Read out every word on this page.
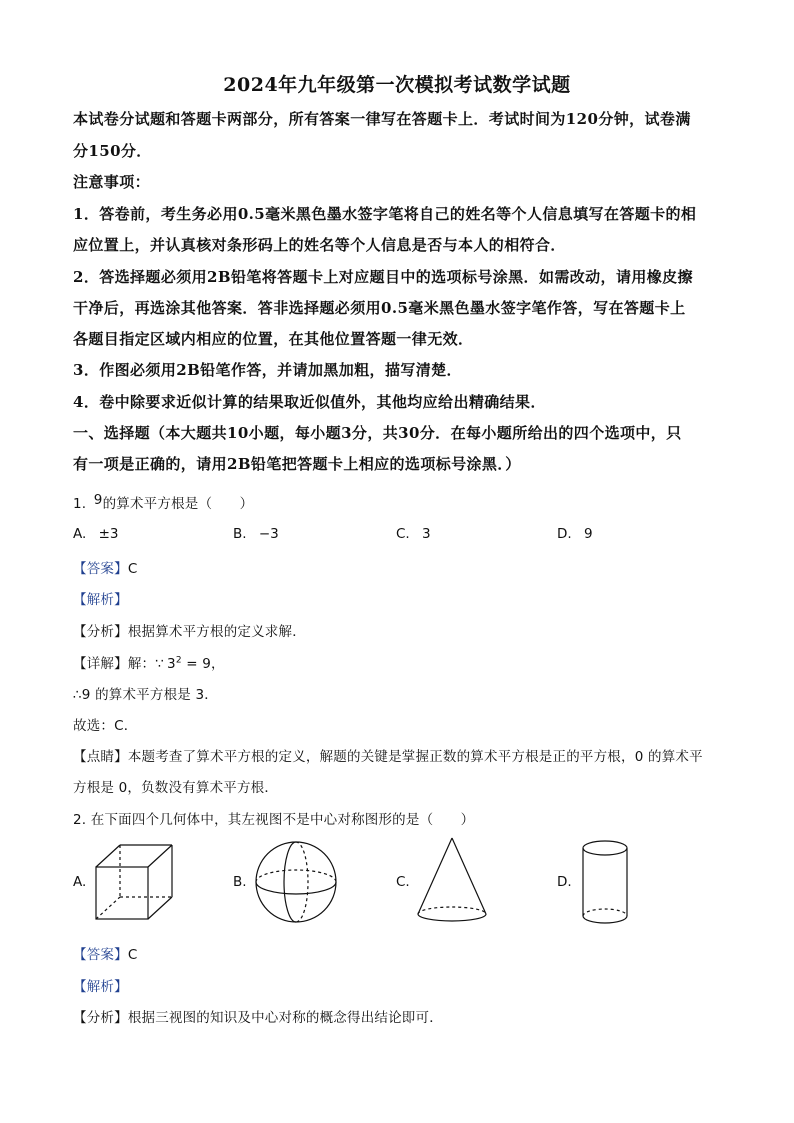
2024年九年级第一次模拟考试数学试题
本试卷分试题和答题卡两部分，所有答案一律写在答题卡上．考试时间为120分钟，试卷满
分150分．
注意事项：
1．答卷前，考生务必用0.5毫米黑色墨水签字笔将自己的姓名等个人信息填写在答题卡的相
应位置上，并认真核对条形码上的姓名等个人信息是否与本人的相符合．
2．答选择题必须用2B铅笔将答题卡上对应题目中的选项标号涂黑．如需改动，请用橡皮擦
干净后，再选涂其他答案．答非选择题必须用0.5毫米黑色墨水签字笔作答，写在答题卡上
各题目指定区域内相应的位置，在其他位置答题一律无效．
3．作图必须用2B铅笔作答，并请加黑加粗，描写清楚．
4．卷中除要求近似计算的结果取近似值外，其他均应给出精确结果．
一、选择题（本大题共10小题，每小题3分，共30分．在每小题所给出的四个选项中，只
有一项是正确的，请用2B铅笔把答题卡上相应的选项标号涂黑．）
1. 9的算术平方根是（　　）
A. ±3	B. −3	C. 3	D. 9
【答案】C
【解析】
【分析】根据算术平方根的定义求解．
【详解】解：∵ $3^2 = 9$，
∴9 的算术平方根是 3．
故选：C．
【点睛】本题考查了算术平方根的定义，解题的关键是掌握正数的算术平方根是正的平方根，0 的算术平
方根是 0，负数没有算术平方根．
2. 在下面四个几何体中，其左视图不是中心对称图形的是（　　）
A.	B.	C.	D.
【答案】C
【解析】
【分析】根据三视图的知识及中心对称的概念得出结论即可．
